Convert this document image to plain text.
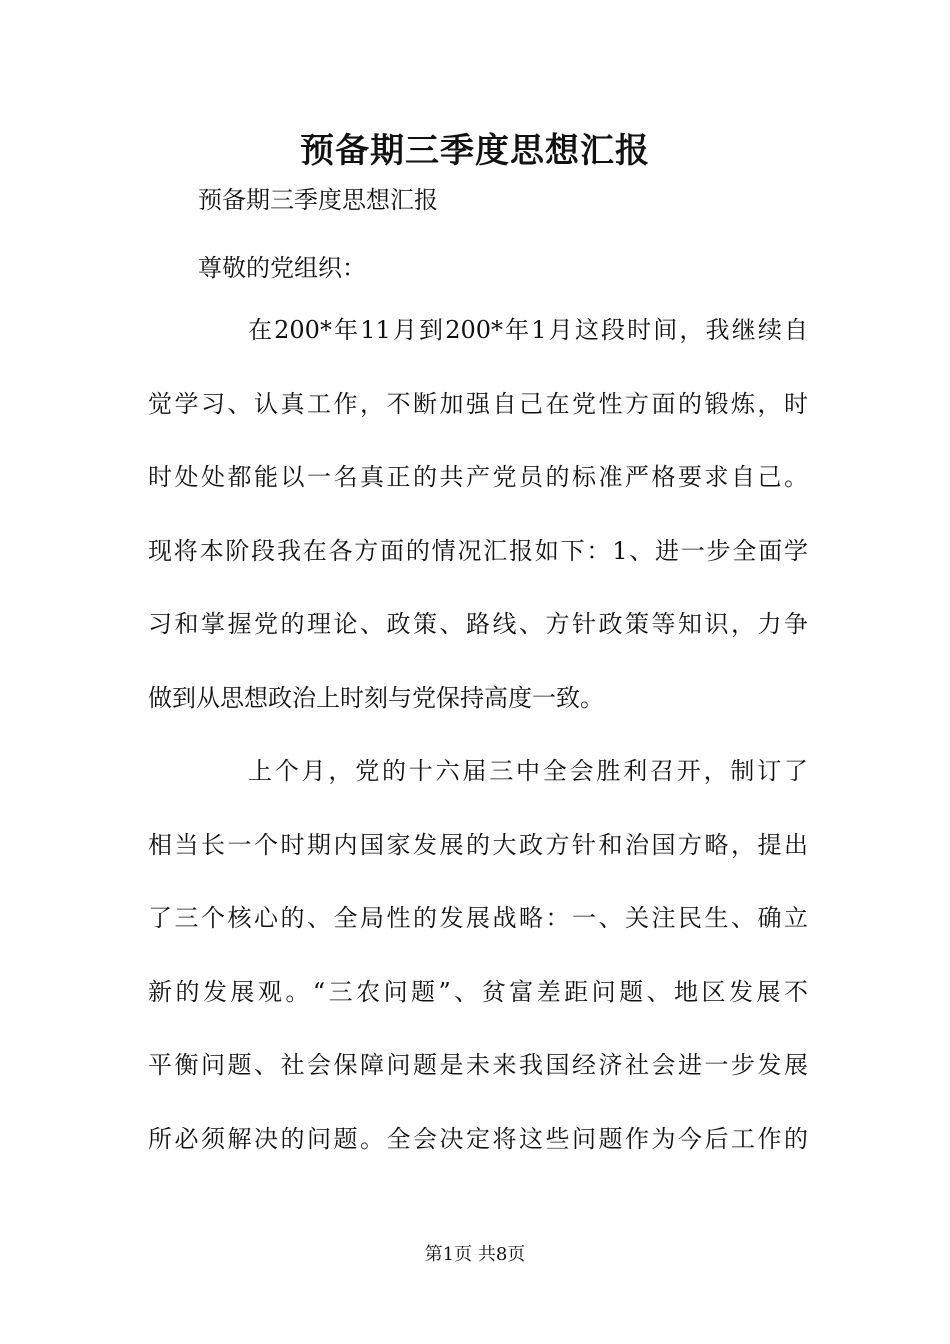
预备期三季度思想汇报
预备期三季度思想汇报
尊敬的党组织：
在200*年11月到200*年1月这段时间，我继续自
觉学习、认真工作，不断加强自己在党性方面的锻炼，时
时处处都能以一名真正的共产党员的标准严格要求自己。
现将本阶段我在各方面的情况汇报如下：1、进一步全面学
习和掌握党的理论、政策、路线、方针政策等知识，力争
做到从思想政治上时刻与党保持高度一致。
上个月，党的十六届三中全会胜利召开，制订了
相当长一个时期内国家发展的大政方针和治国方略，提出
了三个核心的、全局性的发展战略：一、关注民生、确立
新的发展观。“三农问题”、贫富差距问题、地区发展不
平衡问题、社会保障问题是未来我国经济社会进一步发展
所必须解决的问题。全会决定将这些问题作为今后工作的
第1页 共8页
